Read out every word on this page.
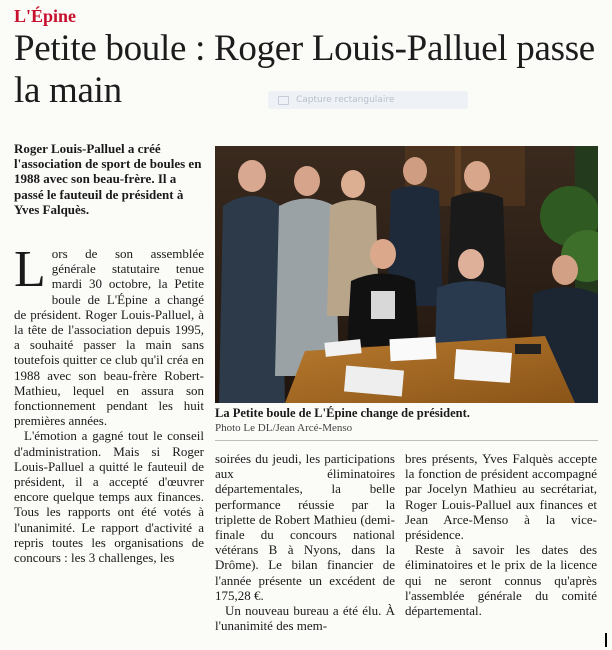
L'Épine
Petite boule : Roger Louis-Palluel passe la main	Capture rectangulaire
Roger Louis-Palluel a créé l'association de sport de boules en 1988 avec son beau-frère. Il a passé le fauteuil de président à Yves Falquès.

Lors de son assemblée générale statutaire tenue mardi 30 octobre, la Petite boule de L'Épine a changé de président. Roger Louis-Palluel, à la tête de l'association depuis 1995, a souhaité passer la main sans toutefois quitter ce club qu'il créa en 1988 avec son beau-frère Robert-Mathieu, lequel en assura son fonctionnement pendant les huit premières années.

L'émotion a gagné tout le conseil d'administration. Mais si Roger Louis-Palluel a quitté le fauteuil de président, il a accepté d'œuvrer encore quelque temps aux finances. Tous les rapports ont été votés à l'unanimité. Le rapport d'activité a repris toutes les organisations de concours : les 3 challenges, les

La Petite boule de L'Épine change de président.
Photo Le DL/Jean Arcé-Menso

soirées du jeudi, les participations aux éliminatoires départementales, la belle performance réussie par la triplette de Robert Mathieu (demi-finale du concours national vétérans B à Nyons, dans la Drôme). Le bilan financier de l'année présente un excédent de 175,28 €.

Un nouveau bureau a été élu. À l'unanimité des mem-

bres présents, Yves Falquès accepte la fonction de président accompagné par Jocelyn Mathieu au secrétariat, Roger Louis-Palluel aux finances et Jean Arce-Menso à la vice-présidence.

Reste à savoir les dates des éliminatoires et le prix de la licence qui ne seront connus qu'après l'assemblée générale du comité départemental.
